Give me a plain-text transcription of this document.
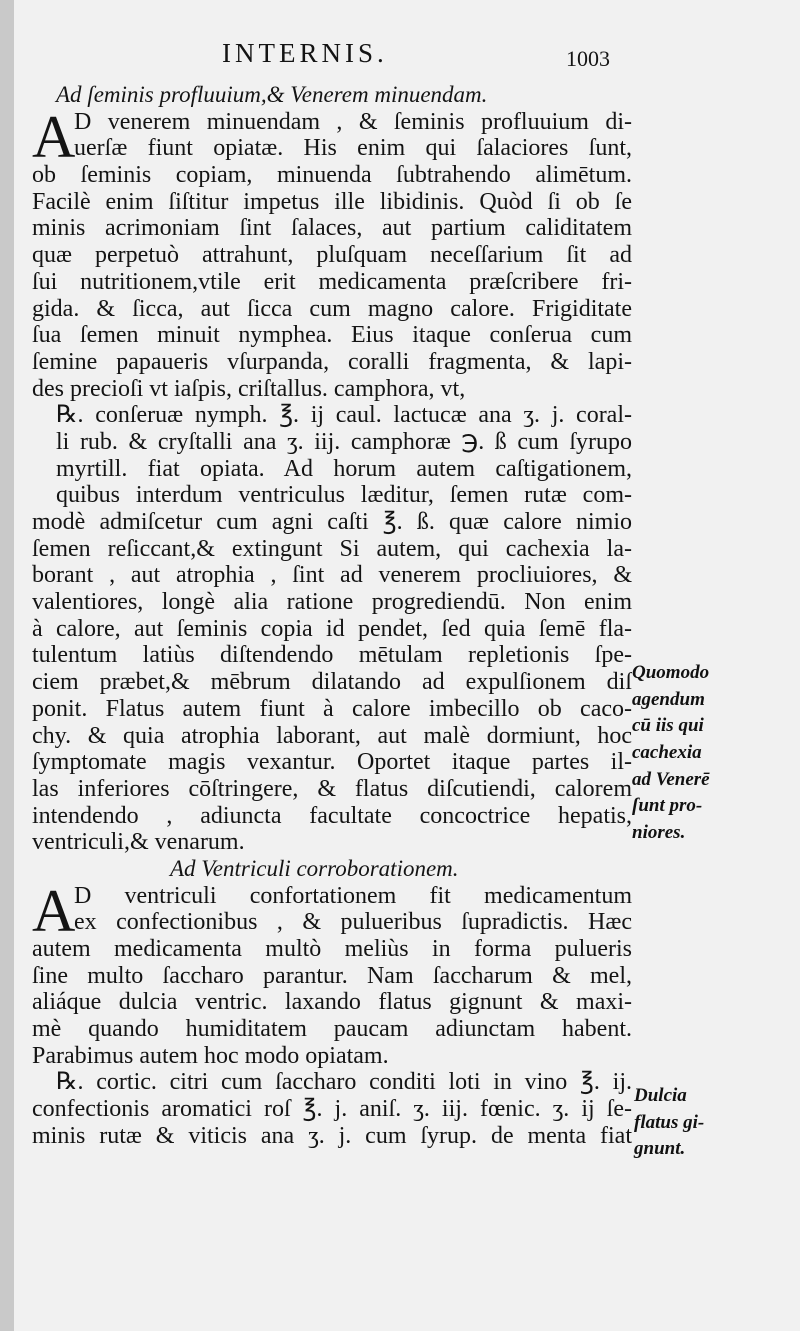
INTERNIS.	1003
Ad ſeminis profluuium,& Venerem minuendam.
A
D venerem minuendam , & ſeminis profluuium di-
uerſæ fiunt opiatæ. His enim qui ſalaciores ſunt,
ob ſeminis copiam, minuenda ſubtrahendo alimētum.
Facilè enim ſiſtitur impetus ille libidinis. Quòd ſi ob ſe
minis acrimoniam ſint ſalaces, aut partium caliditatem
quæ perpetuò attrahunt, pluſquam neceſſarium ſit ad
ſui nutritionem,vtile erit medicamenta præſcribere fri-
gida. & ſicca, aut ſicca cum magno calore. Frigiditate
ſua ſemen minuit nymphea. Eius itaque conſerua cum
ſemine papaueris vſurpanda, coralli fragmenta, & lapi-
des precioſi vt iaſpis, criſtallus. camphora, vt,
℞. conſeruæ nymph. ℥. ij caul. lactucæ ana ʒ. j. coral-
li rub. & cryſtalli ana ʒ. iij. camphoræ ℈. ß cum ſyrupo
myrtill. fiat opiata. Ad horum autem caſtigationem,
quibus interdum ventriculus læditur, ſemen rutæ com-
modè admiſcetur cum agni caſti ℥. ß. quæ calore nimio
ſemen reſiccant,& extingunt Si autem, qui cachexia la-
borant , aut atrophia , ſint ad venerem procliuiores, &
valentiores, longè alia ratione progrediendū. Non enim
à calore, aut ſeminis copia id pendet, ſed quia ſemē fla-
tulentum latiùs diſtendendo mētulam repletionis ſpe-
ciem præbet,& mēbrum dilatando ad expulſionem diſ
ponit. Flatus autem fiunt à calore imbecillo ob caco-
chy. & quia atrophia laborant, aut malè dormiunt, hoc
ſymptomate magis vexantur. Oportet itaque partes il-
las inferiores cōſtringere, & flatus diſcutiendi, calorem
intendendo , adiuncta facultate concoctrice hepatis,
ventriculi,& venarum.
Ad Ventriculi corroborationem.
A
D ventriculi confortationem fit medicamentum
ex confectionibus , & pulueribus ſupradictis. Hæc
autem medicamenta multò meliùs in forma pulueris
ſine multo ſaccharo parantur. Nam ſaccharum & mel,
aliáque dulcia ventric. laxando flatus gignunt & maxi-
mè quando humiditatem paucam adiunctam habent.
Parabimus autem hoc modo opiatam.
℞. cortic. citri cum ſaccharo conditi loti in vino ℥. ij.
confectionis aromatici roſ ℥. j. aniſ. ʒ. iij. fœnic. ʒ. ij ſe-
minis rutæ & viticis ana ʒ. j. cum ſyrup. de menta fiat
Quomodo
agendum
cū iis qui
cachexia
ad Venerē
ſunt pro-
niores.
Dulcia
flatus gi-
gnunt.
